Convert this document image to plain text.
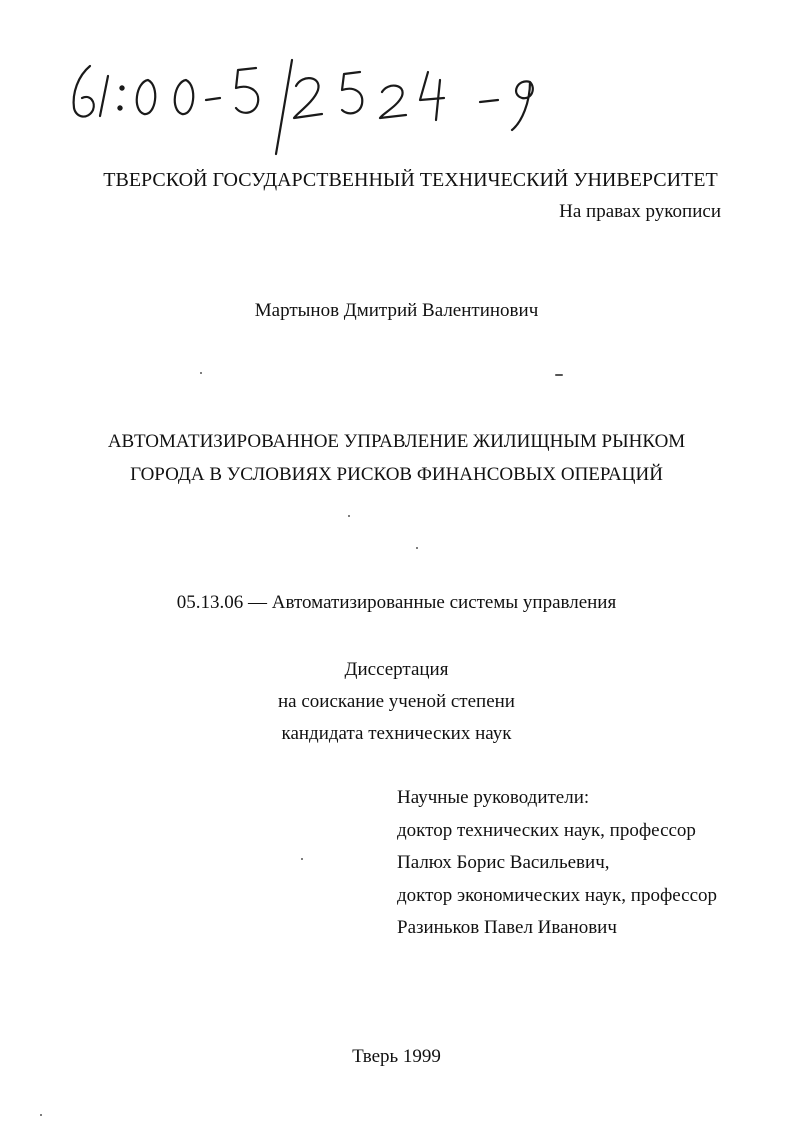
ТВЕРСКОЙ ГОСУДАРСТВЕННЫЙ ТЕХНИЧЕСКИЙ УНИВЕРСИТЕТ
На правах рукописи
Мартынов Дмитрий Валентинович
АВТОМАТИЗИРОВАННОЕ УПРАВЛЕНИЕ ЖИЛИЩНЫМ РЫНКОМ
ГОРОДА В УСЛОВИЯХ РИСКОВ ФИНАНСОВЫХ ОПЕРАЦИЙ
05.13.06 — Автоматизированные системы управления
Диссертация
на соискание ученой степени
кандидата технических наук
Научные руководители:
доктор технических наук, профессор
Палюх Борис Васильевич,
доктор экономических наук, профессор
Разиньков Павел Иванович
Тверь 1999
